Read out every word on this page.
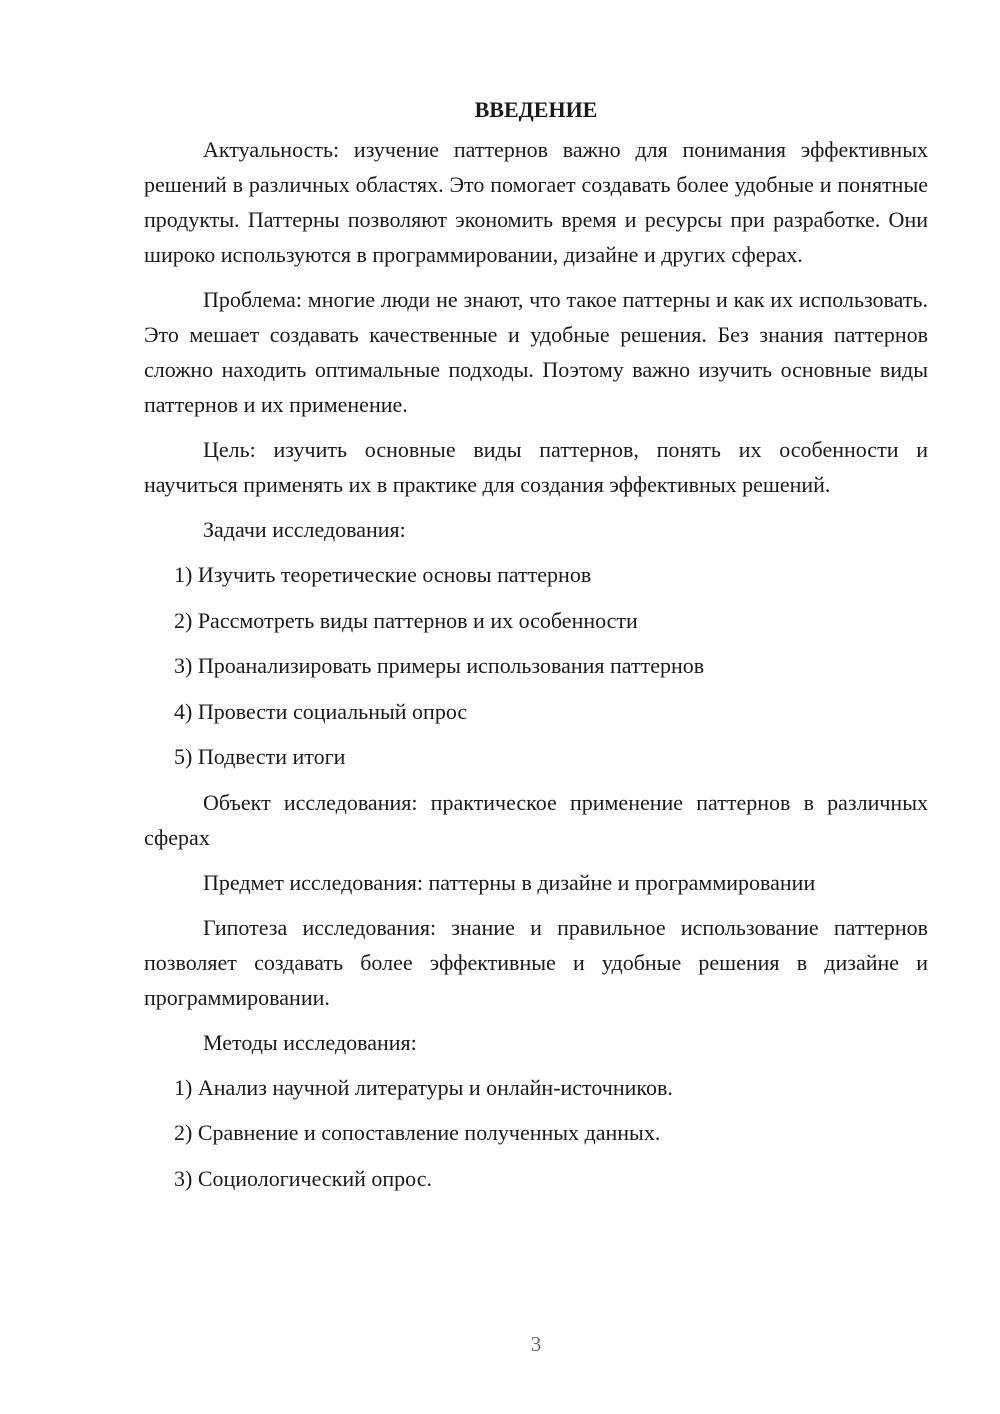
ВВЕДЕНИЕ

Актуальность: изучение паттернов важно для понимания эффективных решений в различных областях. Это помогает создавать более удобные и понятные продукты. Паттерны позволяют экономить время и ресурсы при разработке. Они широко используются в программировании, дизайне и других сферах.

Проблема: многие люди не знают, что такое паттерны и как их использовать. Это мешает создавать качественные и удобные решения. Без знания паттернов сложно находить оптимальные подходы. Поэтому важно изучить основные виды паттернов и их применение.

Цель: изучить основные виды паттернов, понять их особенности и научиться применять их в практике для создания эффективных решений.

Задачи исследования:

1) Изучить теоретические основы паттернов
2) Рассмотреть виды паттернов и их особенности
3) Проанализировать примеры использования паттернов
4) Провести социальный опрос
5) Подвести итоги

Объект исследования: практическое применение паттернов в различных сферах

Предмет исследования: паттерны в дизайне и программировании

Гипотеза исследования: знание и правильное использование паттернов позволяет создавать более эффективные и удобные решения в дизайне и программировании.

Методы исследования:

1) Анализ научной литературы и онлайн-источников.
2) Сравнение и сопоставление полученных данных.
3) Социологический опрос.
3
